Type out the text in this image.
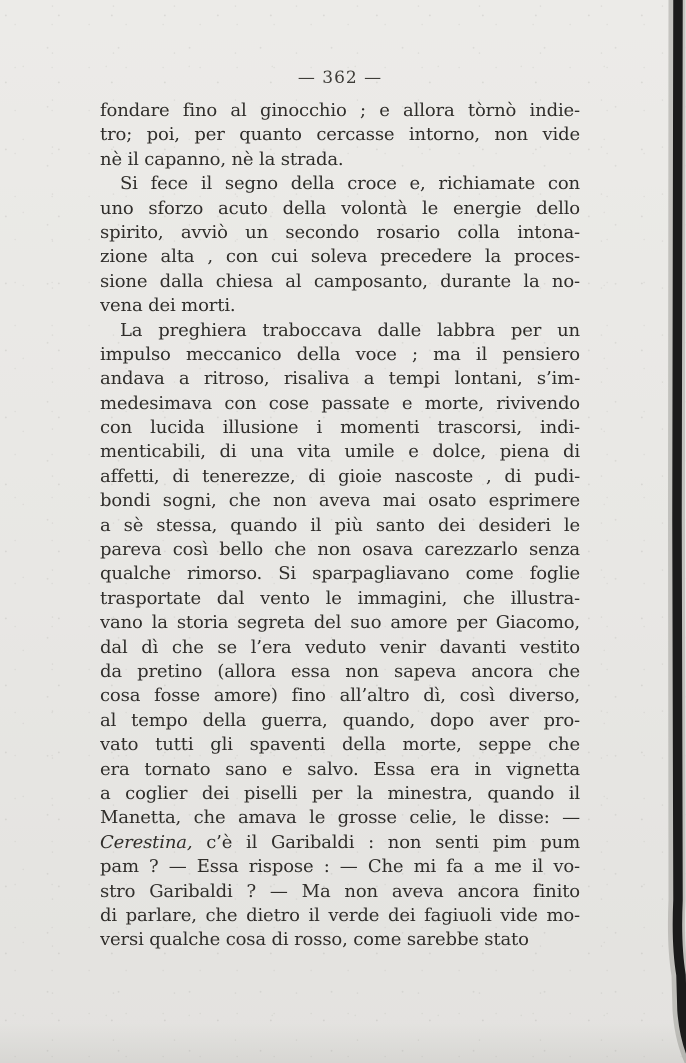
— 362 —
fondare fino al ginocchio ; e allora tòrnò indie-
tro; poi, per quanto cercasse intorno, non vide
nè il capanno, nè la strada.
Si fece il segno della croce e, richiamate con
uno sforzo acuto della volontà le energie dello
spirito, avviò un secondo rosario colla intona-
zione alta , con cui soleva precedere la proces-
sione dalla chiesa al camposanto, durante la no-
vena dei morti.
La preghiera traboccava dalle labbra per un
impulso meccanico della voce ; ma il pensiero
andava a ritroso, risaliva a tempi lontani, s’im-
medesimava con cose passate e morte, rivivendo
con lucida illusione i momenti trascorsi, indi-
menticabili, di una vita umile e dolce, piena di
affetti, di tenerezze, di gioie nascoste , di pudi-
bondi sogni, che non aveva mai osato esprimere
a sè stessa, quando il più santo dei desideri le
pareva così bello che non osava carezzarlo senza
qualche rimorso. Si sparpagliavano come foglie
trasportate dal vento le immagini, che illustra-
vano la storia segreta del suo amore per Giacomo,
dal dì che se l’era veduto venir davanti vestito
da pretino (allora essa non sapeva ancora che
cosa fosse amore) fino all’altro dì, così diverso,
al tempo della guerra, quando, dopo aver pro-
vato tutti gli spaventi della morte, seppe che
era tornato sano e salvo. Essa era in vignetta
a coglier dei piselli per la minestra, quando il
Manetta, che amava le grosse celie, le disse: —
Cerestina, c’è il Garibaldi : non senti pim pum
pam ? — Essa rispose : — Che mi fa a me il vo-
stro Garibaldi ? — Ma non aveva ancora finito
di parlare, che dietro il verde dei fagiuoli vide mo-
versi qualche cosa di rosso, come sarebbe stato
